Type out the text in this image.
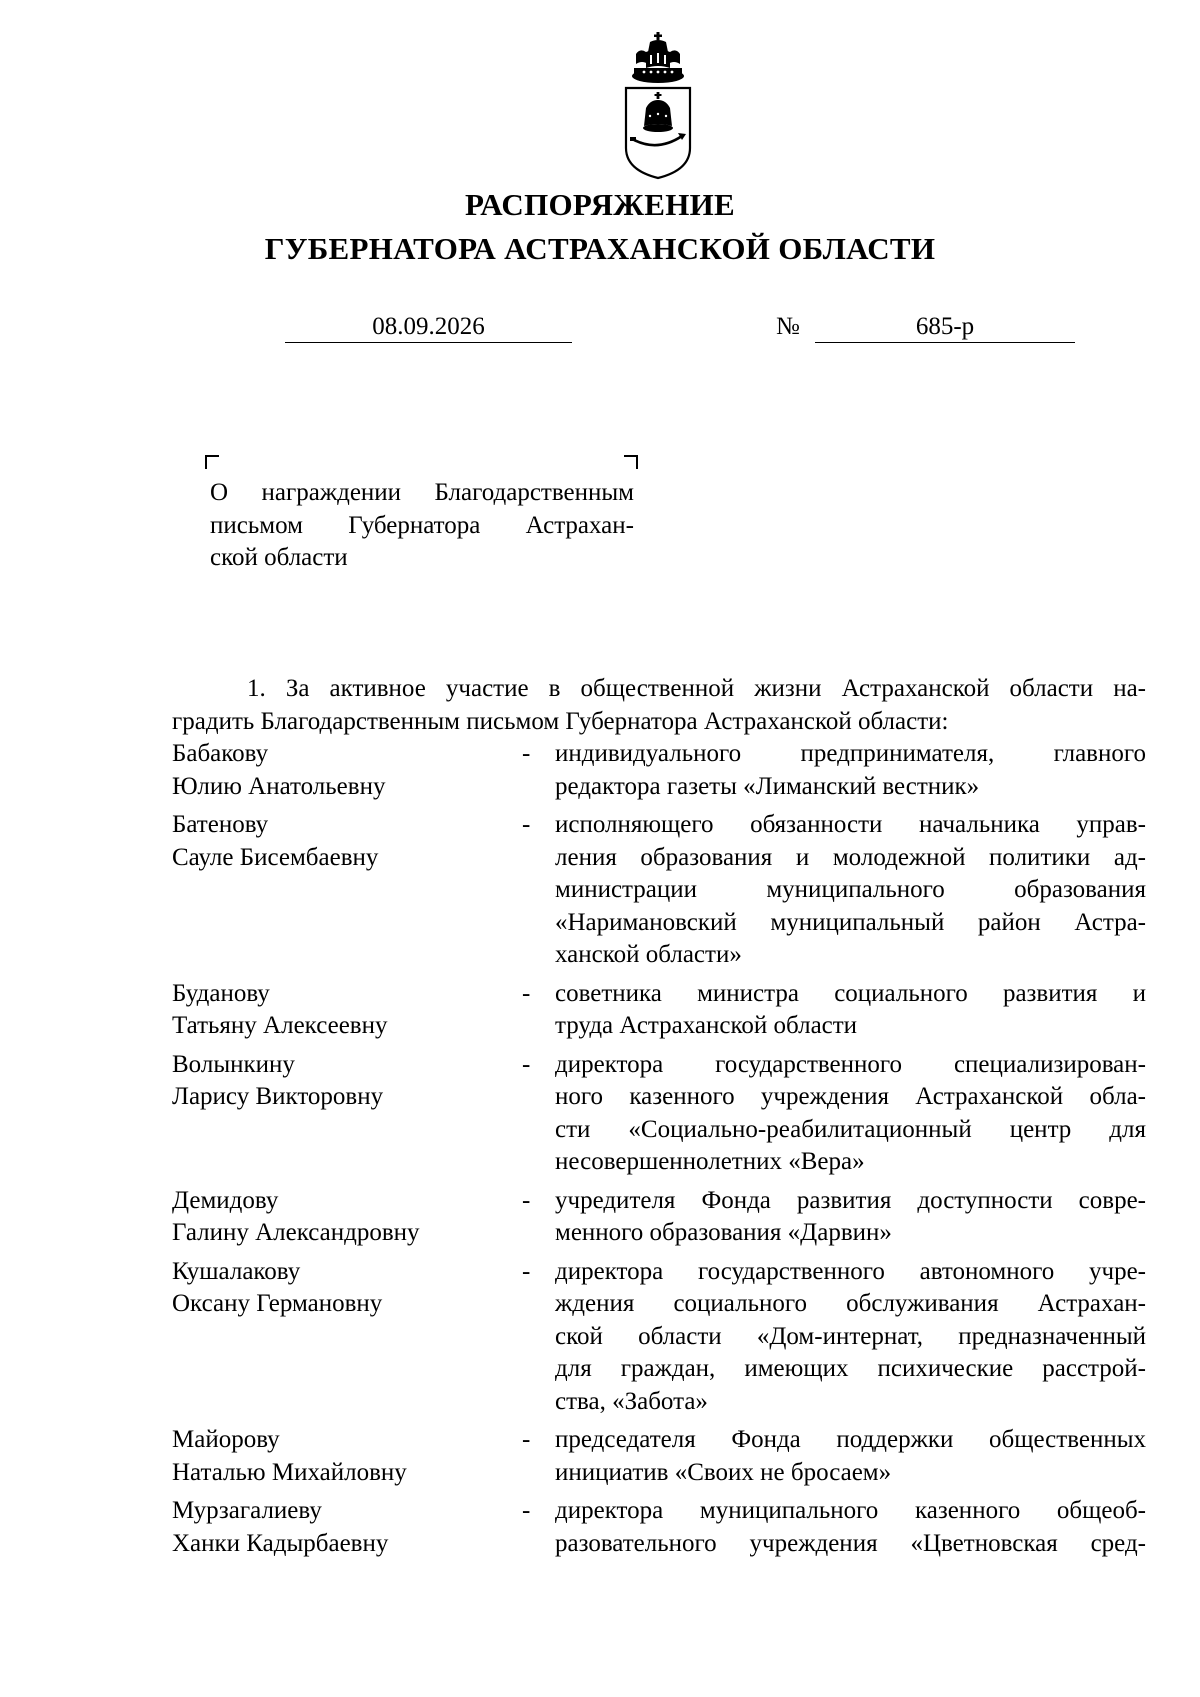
РАСПОРЯЖЕНИЕ
ГУБЕРНАТОРА АСТРАХАНСКОЙ ОБЛАСТИ
08.09.2026	№	685-р
О награждении Благодарственным
письмом Губернатора Астрахан-
ской области
1. За активное участие в общественной жизни Астраханской области на-
градить Благодарственным письмом Губернатора Астраханской области:
Бабакову
Юлию Анатольевну
- индивидуального предпринимателя, главного
редактора газеты «Лиманский вестник»
Батенову
Сауле Бисембаевну
- исполняющего обязанности начальника управ-
ления образования и молодежной политики ад-
министрации муниципального образования
«Наримановский муниципальный район Астра-
ханской области»
Буданову
Татьяну Алексеевну
- советника министра социального развития и
труда Астраханской области
Волынкину
Ларису Викторовну
- директора государственного специализирован-
ного казенного учреждения Астраханской обла-
сти «Социально-реабилитационный центр для
несовершеннолетних «Вера»
Демидову
Галину Александровну
- учредителя Фонда развития доступности совре-
менного образования «Дарвин»
Кушалакову
Оксану Германовну
- директора государственного автономного учре-
ждения социального обслуживания Астрахан-
ской области «Дом-интернат, предназначенный
для граждан, имеющих психические расстрой-
ства, «Забота»
Майорову
Наталью Михайловну
- председателя Фонда поддержки общественных
инициатив «Своих не бросаем»
Мурзагалиеву
Ханки Кадырбаевну
- директора муниципального казенного общеоб-
разовательного учреждения «Цветновская сред-
